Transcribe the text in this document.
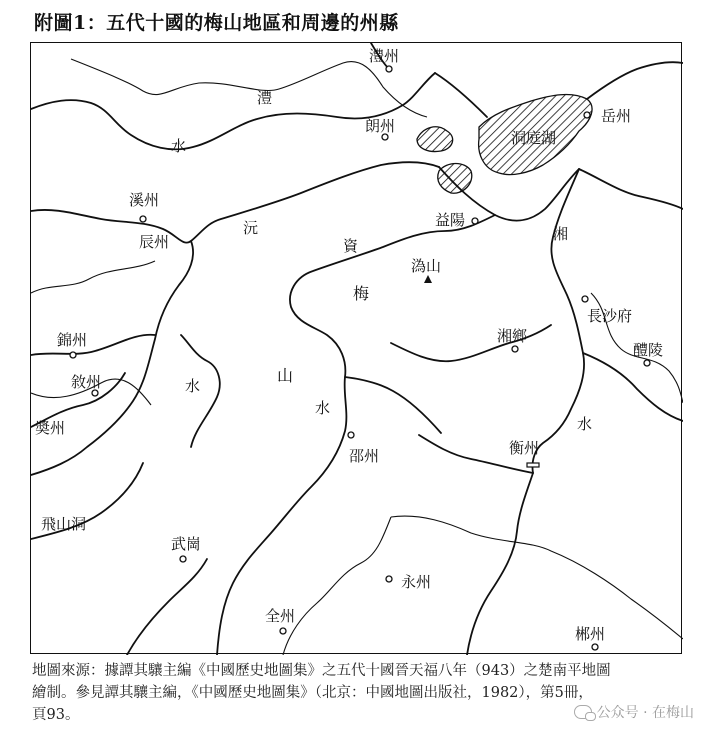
附圖1：五代十國的梅山地區和周邊的州縣
澧州
岳州
朗州
洞庭湖
溪州
辰州
益陽
溈山
長沙府
湘鄉
醴陵
錦州
敘州
奬州
邵州	衡州
飛山洞
武崗
永州
全州
郴州
梅
山
澧
水
沅
水
資
水
湘
水

地圖來源：據譚其驤主編《中國歷史地圖集》之五代十國晉天福八年（943）之楚南平地圖

繪制。參見譚其驤主編，《中國歷史地圖集》（北京：中國地圖出版社，1982），第5冊，

頁93。	公众号 · 在梅山
